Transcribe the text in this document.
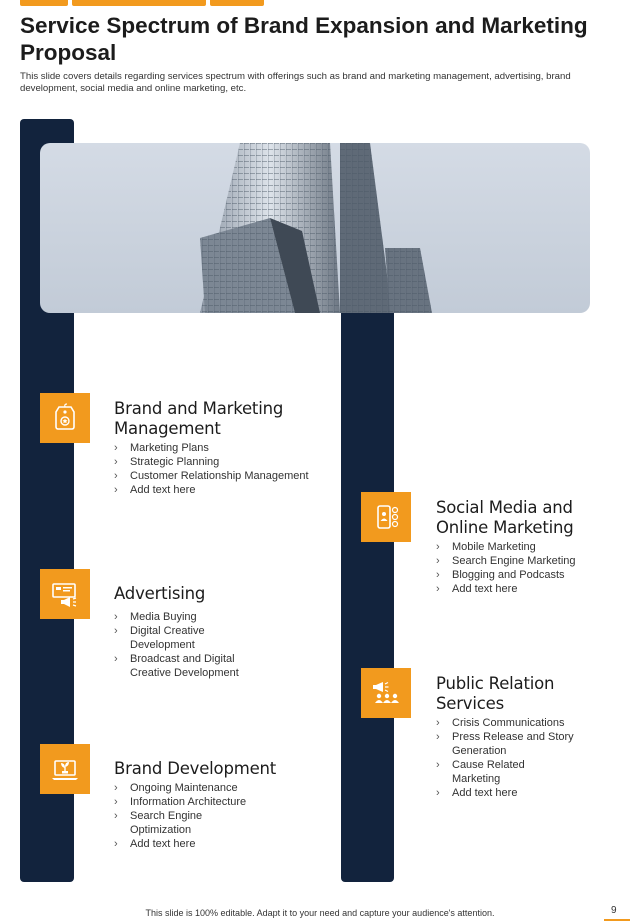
Service Spectrum of Brand Expansion and Marketing Proposal

This slide covers details regarding services spectrum with offerings such as brand and marketing management, advertising, brand development, social media and online marketing, etc.

Brand and Marketing Management
› Marketing Plans
› Strategic Planning
› Customer Relationship Management
› Add text here
Advertising
› Media Buying
› Digital Creative Development
› Broadcast and Digital Creative Development
Brand Development
› Ongoing Maintenance
› Information Architecture
› Search Engine Optimization
› Add text here
Social Media and Online Marketing
› Mobile Marketing
› Search Engine Marketing
› Blogging and Podcasts
› Add text here
Public Relation Services
› Crisis Communications
› Press Release and Story Generation
› Cause Related Marketing
› Add text here

This slide is 100% editable. Adapt it to your need and capture your audience's attention.	9
